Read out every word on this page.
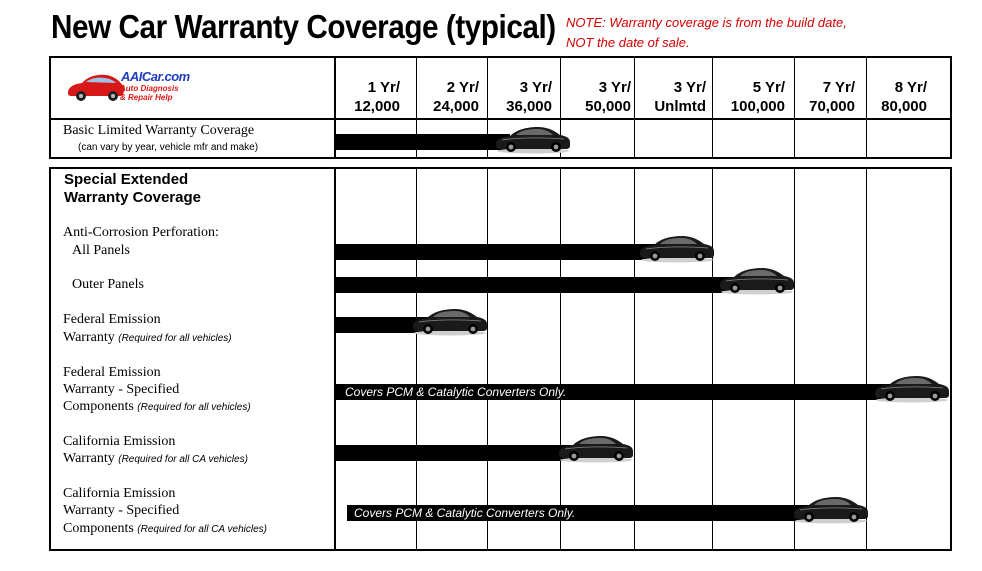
New Car Warranty Coverage (typical) NOTE: Warranty coverage is from the build date,
NOT the date of sale.
AAICar.com
Auto Diagnosis
& Repair Help
1 Yr/
12,000
2 Yr/
24,000
3 Yr/
36,000
3 Yr/
50,000
3 Yr/
Unlmtd
5 Yr/
100,000
7 Yr/
70,000
8 Yr/
80,000
Basic Limited Warranty Coverage
(can vary by year, vehicle mfr and make)
Special Extended
Warranty Coverage
Anti-Corrosion Perforation:
All Panels
Outer Panels
Federal Emission
Warranty (Required for all vehicles)
Federal Emission
Warranty - Specified
Components (Required for all vehicles)
Covers PCM & Catalytic Converters Only.
California Emission
Warranty (Required for all CA vehicles)
California Emission
Warranty - Specified
Components (Required for all CA vehicles)
Covers PCM & Catalytic Converters Only.
